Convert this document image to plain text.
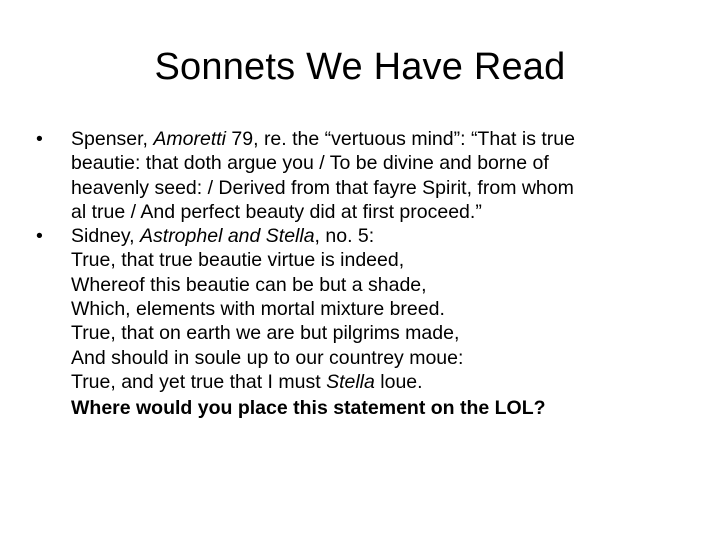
Sonnets We Have Read
•	Spenser, Amoretti 79, re. the “vertuous mind”: “That is true
beautie: that doth argue you / To be divine and borne of
heavenly seed: / Derived from that fayre Spirit, from whom
al true / And perfect beauty did at first proceed.”
•	Sidney, Astrophel and Stella, no. 5:
True, that true beautie virtue is indeed,
Whereof this beautie can be but a shade,
Which, elements with mortal mixture breed.
True, that on earth we are but pilgrims made,
And should in soule up to our countrey moue:
True, and yet true that I must Stella loue.
Where would you place this statement on the LOL?
